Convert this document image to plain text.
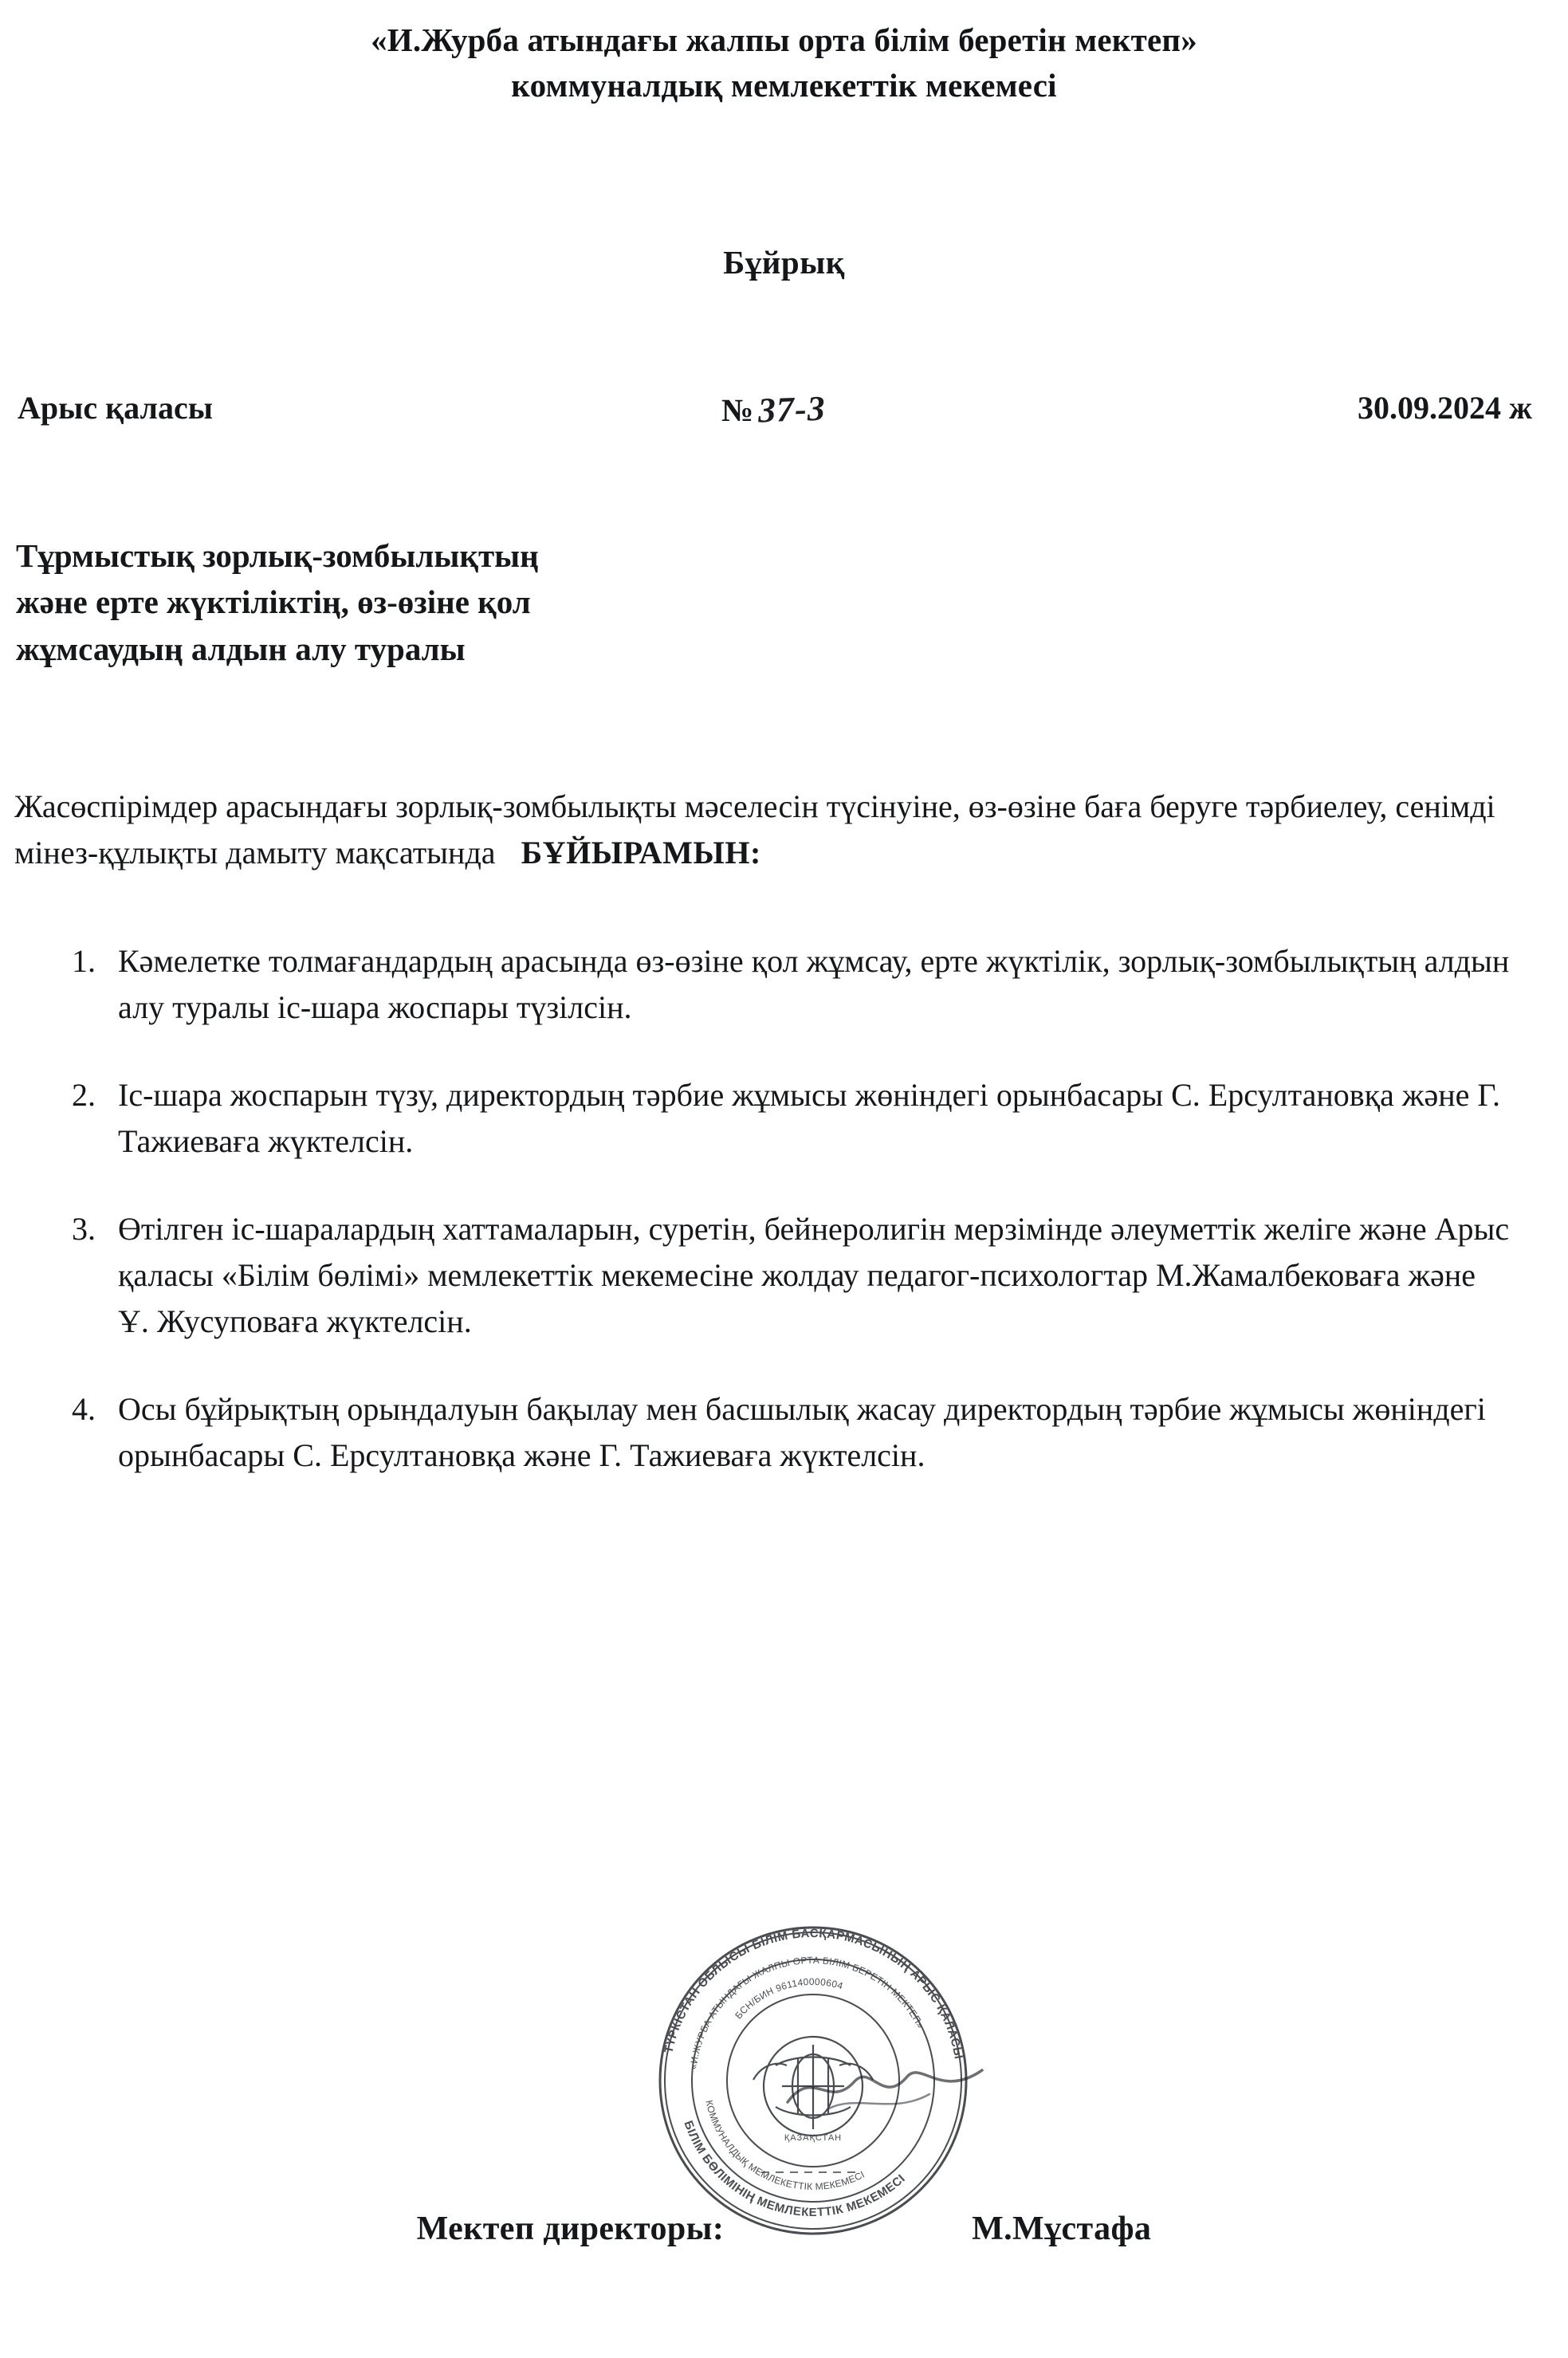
«И.Журба атындағы жалпы орта білім беретін мектеп»
коммуналдық мемлекеттік мекемесі
Бұйрық
Арыс қаласы	№ 37-3	30.09.2024 ж
Тұрмыстық зорлық-зомбылықтың
және ерте жүктіліктің, өз-өзіне қол
жұмсаудың алдын алу туралы

Жасөспірімдер арасындағы зорлық-зомбылықты мәселесін түсінуіне, өз-өзіне баға беруге тәрбиелеу, сенімді мінез-құлықты дамыту мақсатында БҰЙЫРАМЫН:

Кәмелетке толмағандардың арасында өз-өзіне қол жұмсау, ерте жүктілік, зорлық-зомбылықтың алдын алу туралы іс-шара жоспары түзілсін.
Іс-шара жоспарын түзу, директордың тәрбие жұмысы жөніндегі орынбасары С. Ерсултановқа және Г. Тажиеваға жүктелсін.
Өтілген іс-шаралардың хаттамаларын, суретін, бейнеролигін мерзімінде әлеуметтік желіге және Арыс қаласы «Білім бөлімі» мемлекеттік мекемесіне жолдау педагог-психологтар М.Жамалбековаға және Ұ. Жусуповаға жүктелсін.
Осы бұйрықтың орындалуын бақылау мен басшылық жасау директордың тәрбие жұмысы жөніндегі орынбасары С. Ерсултановқа және Г. Тажиеваға жүктелсін.
ТҮРКІСТАН ОБЛЫСЫ БІЛІМ БАСҚАРМАСЫНЫҢ АРЫС ҚАЛАСЫ
БІЛІМ БӨЛІМІНІҢ МЕМЛЕКЕТТІК МЕКЕМЕСІ
«И.ЖУРБА АТЫНДАҒЫ ЖАЛПЫ ОРТА БІЛІМ БЕРЕТІН МЕКТЕП»
КОММУНАЛДЫҚ МЕМЛЕКЕТТІК МЕКЕМЕСІ
БСН/БИН 961140000604
ҚАЗАҚСТАН
Мектеп директоры:	М.Мұстафа
